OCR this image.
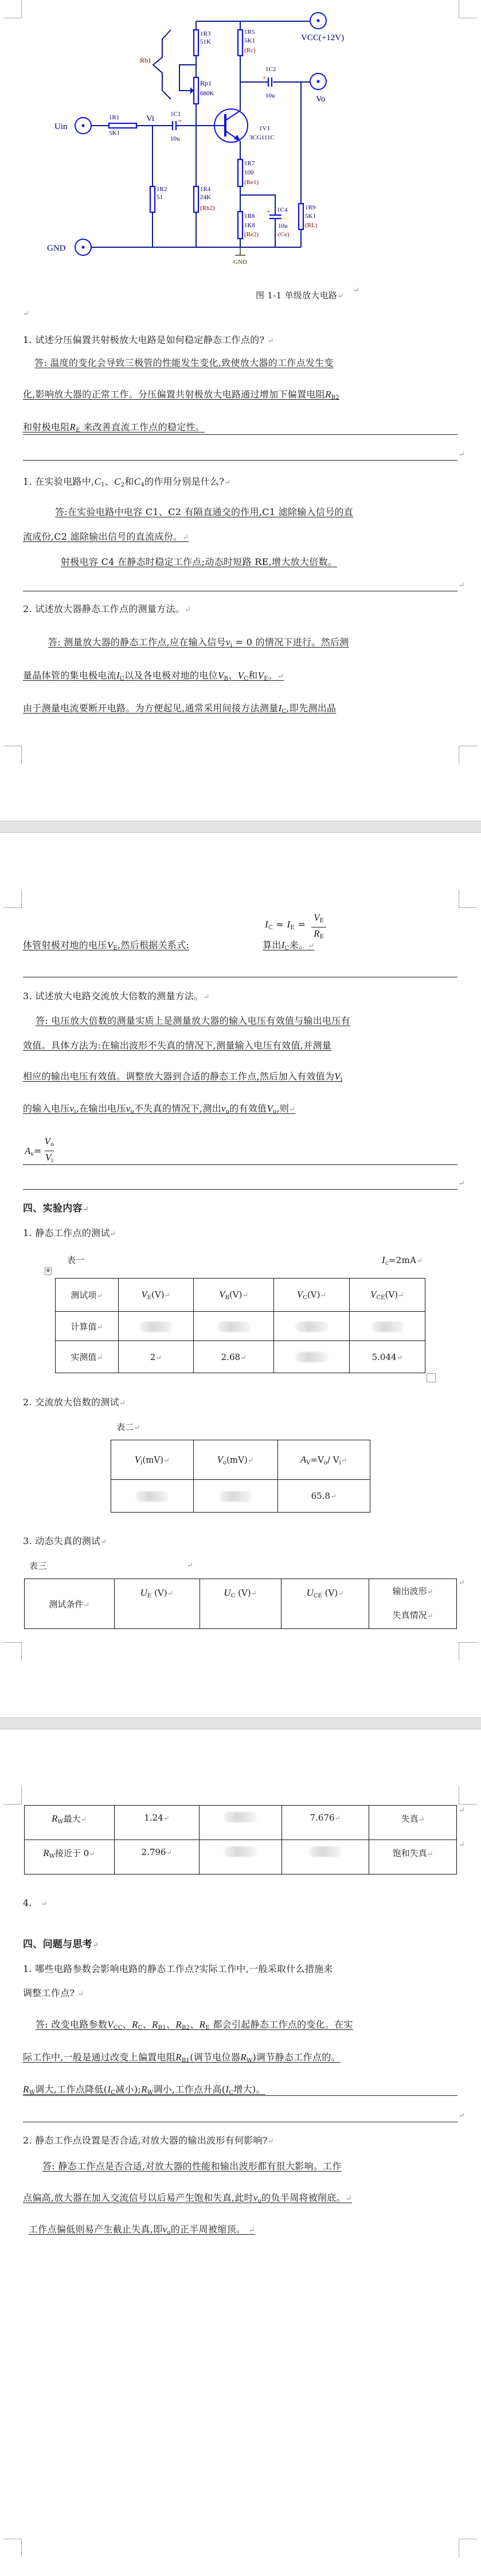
GND
Rb1
VCC(+12V)
Vo
Uin
GND
1R1
5K1
1R3
51K
680K
1R5
5K1
1C1
10u
1C2
10u
1V1
3CG111C
1R2
51
1R4
24K
1R7
100
1R8
1K8
1C4
10u
1R9
5K1
Vi
Rp1
(Rc)
(Rb2)
(Re1)
(Re2)	(Ce)
(RL)
+
+
+
↵
图 1-1 单级放大电路↵
↵
1. 试述分压偏置共射极放大电路是如何稳定静态工作点的? ↵
答: 温度的变化会导致三极管的性能发生变化,致使放大器的工作点发生变
化,影响放大器的正常工作。分压偏置共射极放大电路通过增加下偏置电阻$R_{B2}$
和射极电阻$R_E$ 来改善直流工作点的稳定性。
↵
1. 在实验电路中$,C_1$、$C_2$和$C_4$的作用分别是什么?↵
答:在实验电路中电容 C1、C2 有隔直通交的作用,C1 滤除输入信号的直
流成份,C2 滤除输出信号的直流成份。↵
射极电容 C4 在静态时稳定工作点;动态时短路 RE,增大放大倍数。
↵
2. 试述放大器静态工作点的测量方法。↵
答: 测量放大器的静态工作点,应在输入信号$v_i = 0$ 的情况下进行。然后测
量晶体管的集电极电流$I_C$以及各电极对地的电位$V_B$、$V_C$和$V_E$。↵
由于测量电流要断开电路。为方便起见,通常采用间接方法测量$I_C$,即先测出晶
$I_C \approx I_E$ =
$V_E$
$R_E$
体管射极对地的电压$V_E$,然后根据关系式:	算出$I_C$来。↵
3. 试述放大电路交流放大倍数的测量方法。↵
答: 电压放大倍数的测量实质上是测量放大器的输入电压有效值与输出电压有
效值。具体方法为:在输出波形不失真的情况下,测量输入电压有效值,并测量
相应的输出电压有效值。调整放大器到合适的静态工作点,然后加入有效值为$V_i$
的输入电压$v_i$,在输出电压$v_o$不失真的情况下,测出$v_o$的有效值$V_o$,则↵
$A_v= \frac{V_o}{V_i}$
↵
四、实验内容↵
1. 静态工作点的测试↵
表一	$I_c=2mA↵$
✥
测试项↵	$V_E(V)↵$	$V_B(V)↵$	$V_C(V)↵$	$V_{CE}(V)↵$
计算值↵				
实测值↵	2↵	2.68↵		5.044↵
2. 交流放大倍数的测试↵
表二↵
$V_i(mV)↵$	$V_o(mV)↵$	$A_V=V_o/$ $V_i↵$
		65.8↵
3. 动态失真的测试↵
表三	↵
测试条件↵	$U_E$ (V)↵	$U_C$ (V)↵	$U_{CE}$ (V)↵	输出波形↵
失真情况↵
↵
$R_W$最大↵	1.24↵		7.676↵	失真↵
$R_W$接近于 0↵	2.796↵			饱和失真↵
↵
↵
4. ↵
四、问题与思考↵
1. 哪些电路参数会影响电路的静态工作点?实际工作中,一般采取什么措施来
调整工作点? ↵
答: 改变电路参数$V_{CC}$、$R_C$、$R_{B1}$、$R_{B2}$、$R_E$ 都会引起静态工作点的变化。在实
际工作中,一般是通过改变上偏置电阻$R_{B1}$(调节电位器$R_W$)调节静态工作点的。
$R_W$调大,工作点降低($I_C$减小)$;R_W$调小,工作点升高($I_C$增大)。
↵
2. 静态工作点设置是否合适,对放大器的输出波形有何影响?↵
答: 静态工作点是否合适,对放大器的性能和输出波形都有很大影响。工作
点偏高,放大器在加入交流信号以后易产生饱和失真,此时$v_o$的负半周将被削底。↵
工作点偏低则易产生截止失真,即$v_o$的正半周被缩顶。 ↵
